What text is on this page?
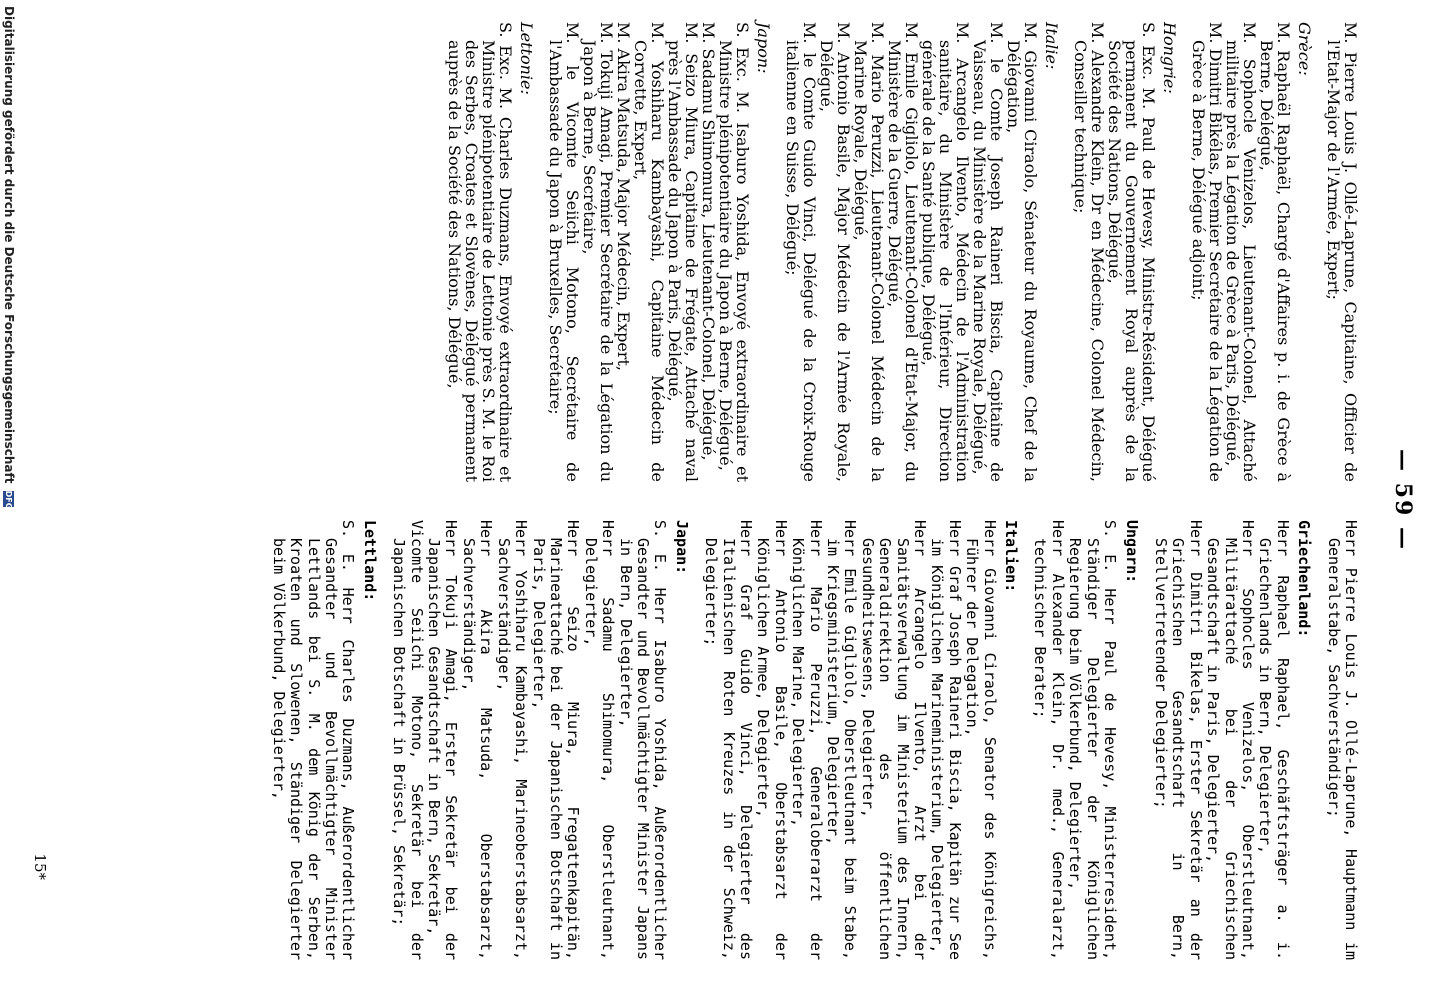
— 59 —

M. Pierre Louis J. Ollé-Laprune, Capitaine, Officier de l'Etat-Major de l'Armée, Expert;

Grèce:

M. Raphaël Raphaël, Chargé d'Affaires p. i. de Grèce à Berne, Délégué,

M. Sophocle Venizelos, Lieutenant-Colonel, Attaché militaire près la Légation de Grèce à Paris, Délégué,

M. Dimitri Bikélas, Premier Secrétaire de la Légation de Grèce à Berne, Délégué adjoint;

Hongrie:

S. Exc. M. Paul de Hevesy, Ministre-Résident, Délégué permanent du Gouvernement Royal auprès de la Société des Nations, Délégué,

M. Alexandre Klein, Dr en Médecine, Colonel Médecin, Conseiller technique;

Italie:

M. Giovanni Ciraolo, Sénateur du Royaume, Chef de la Délégation,

M. le Comte Joseph Raineri Biscia, Capitaine de Vaisseau, du Ministère de la Marine Royale, Délégué,

M. Arcangelo Ilvento, Médecin de l'Administration sanitaire, du Ministère de l'Intérieur, Direction générale de la Santé publique, Délégué,

M. Emile Gigliolo, Lieutenant-Colonel d'Etat-Major, du Ministère de la Guerre, Délégué,

M. Mario Peruzzi, Lieutenant-Colonel Médecin de la Marine Royale, Délégué,

M. Antonio Basile, Major Médecin de l'Armée Royale, Délégué,

M. le Comte Guido Vinci, Délégué de la Croix-Rouge italienne en Suisse, Délégué;

Japon:

S. Exc. M. Isaburo Yoshida, Envoyé extraordinaire et Ministre plénipotentiaire du Japon à Berne, Délégué,

M. Sadamu Shimomura, Lieutenant-Colonel, Délégué,

M. Seizo Miura, Capitaine de Frégate, Attaché naval près l'Ambassade du Japon à Paris, Délégué,

M. Yoshiharu Kambayashi, Capitaine Médecin de Corvette, Expert,

M. Akira Matsuda, Major Médecin, Expert,

M. Tokuji Amagi, Premier Secrétaire de la Légation du Japon à Berne, Secrétaire,

M. le Vicomte Seiichi Motono, Secrétaire de l'Ambassade du Japon à Bruxelles, Secrétaire;

Lettonie:

S. Exc. M. Charles Duzmans, Envoyé extraordinaire et Ministre plénipotentiaire de Lettonie près S. M. le Roi des Serbes, Croates et Slovènes, Délégué permanent auprès de la Société des Nations, Délégué,

Herr Pierre Louis J. Ollé-Laprune, Hauptmann im Generalstabe, Sachverständiger;

Griechenland:

Herr Raphael Raphael, Geschäftsträger a. i. Griechenlands in Bern, Delegierter,

Herr Sophocles Venizelos, Oberstleutnant, Militärattaché bei der Griechischen Gesandtschaft in Paris, Delegierter,

Herr Dimitri Bikelas, Erster Sekretär an der Griechischen Gesandtschaft in Bern, Stellvertretender Delegierter;

Ungarn:

S. E. Herr Paul de Hevesy, Ministerresident, Ständiger Delegierter der Königlichen Regierung beim Völkerbund, Delegierter,

Herr Alexander Klein, Dr. med., Generalarzt, technischer Berater;

Italien:

Herr Giovanni Ciraolo, Senator des Königreichs, Führer der Delegation,

Herr Graf Joseph Raineri Biscia, Kapitän zur See im Königlichen Marineministerium, Delegierter,

Herr Arcangelo Ilvento, Arzt bei der Sanitätsverwaltung im Ministerium des Innern, Generaldirektion des öffentlichen Gesundheitswesens, Delegierter,

Herr Emile Gigliolo, Oberstleutnant beim Stabe, im Kriegsministerium, Delegierter,

Herr Mario Peruzzi, Generaloberarzt der Königlichen Marine, Delegierter,

Herr Antonio Basile, Oberstabsarzt der Königlichen Armee, Delegierter,

Herr Graf Guido Vinci, Delegierter des Italienischen Roten Kreuzes in der Schweiz, Delegierter;

Japan:

S. E. Herr Isaburo Yoshida, Außerordentlicher Gesandter und Bevollmächtigter Minister Japans in Bern, Delegierter,

Herr Sadamu Shimomura, Oberstleutnant, Delegierter,

Herr Seizo Miura, Fregattenkapitän, Marineattaché bei der Japanischen Botschaft in Paris, Delegierter,

Herr Yoshiharu Kambayashi, Marineoberstabsarzt, Sachverständiger,

Herr Akira Matsuda, Oberstabsarzt, Sachverständiger,

Herr Tokuji Amagi, Erster Sekretär bei der Japanischen Gesandtschaft in Bern, Sekretär,

Vicomte Seiichi Motono, Sekretär bei der Japanischen Botschaft in Brüssel, Sekretär;

Lettland:

S. E. Herr Charles Duzmans, Außerordentlicher Gesandter und Bevollmächtigter Minister Lettlands bei S. M. dem König der Serben, Kroaten und Slowenen, Ständiger Delegierter beim Völkerbund, Delegierter,

15*
Digitalisierung gefördert durch die Deutsche Forschungsgemeinschaft DFG
